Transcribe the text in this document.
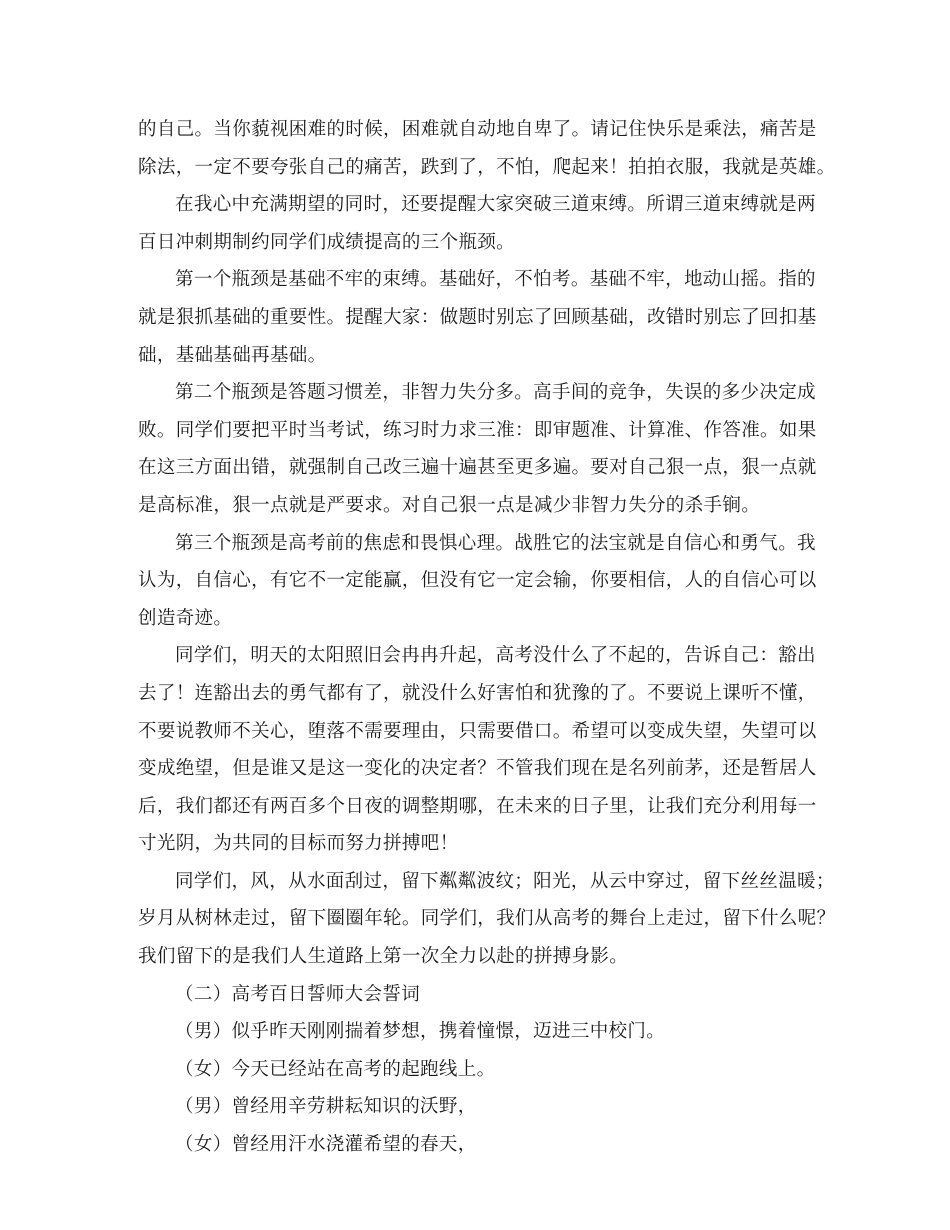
的自己。当你藐视困难的时候，困难就自动地自卑了。请记住快乐是乘法，痛苦是
除法，一定不要夸张自己的痛苦，跌到了，不怕，爬起来！拍拍衣服，我就是英雄。
在我心中充满期望的同时，还要提醒大家突破三道束缚。所谓三道束缚就是两
百日冲刺期制约同学们成绩提高的三个瓶颈。
第一个瓶颈是基础不牢的束缚。基础好，不怕考。基础不牢，地动山摇。指的
就是狠抓基础的重要性。提醒大家：做题时别忘了回顾基础，改错时别忘了回扣基
础，基础基础再基础。
第二个瓶颈是答题习惯差，非智力失分多。高手间的竞争，失误的多少决定成
败。同学们要把平时当考试，练习时力求三准：即审题准、计算准、作答准。如果
在这三方面出错，就强制自己改三遍十遍甚至更多遍。要对自己狠一点，狠一点就
是高标准，狠一点就是严要求。对自己狠一点是减少非智力失分的杀手锏。
第三个瓶颈是高考前的焦虑和畏惧心理。战胜它的法宝就是自信心和勇气。我
认为，自信心，有它不一定能赢，但没有它一定会输，你要相信，人的自信心可以
创造奇迹。
同学们，明天的太阳照旧会冉冉升起，高考没什么了不起的，告诉自己：豁出
去了！连豁出去的勇气都有了，就没什么好害怕和犹豫的了。不要说上课听不懂，
不要说教师不关心，堕落不需要理由，只需要借口。希望可以变成失望，失望可以
变成绝望，但是谁又是这一变化的决定者？不管我们现在是名列前茅，还是暂居人
后，我们都还有两百多个日夜的调整期哪，在未来的日子里，让我们充分利用每一
寸光阴，为共同的目标而努力拼搏吧！
同学们，风，从水面刮过，留下粼粼波纹；阳光，从云中穿过，留下丝丝温暖；
岁月从树林走过，留下圈圈年轮。同学们，我们从高考的舞台上走过，留下什么呢？
我们留下的是我们人生道路上第一次全力以赴的拼搏身影。
（二）高考百日誓师大会誓词
（男）似乎昨天刚刚揣着梦想，携着憧憬，迈进三中校门。
（女）今天已经站在高考的起跑线上。
（男）曾经用辛劳耕耘知识的沃野，
（女）曾经用汗水浇灌希望的春天，
